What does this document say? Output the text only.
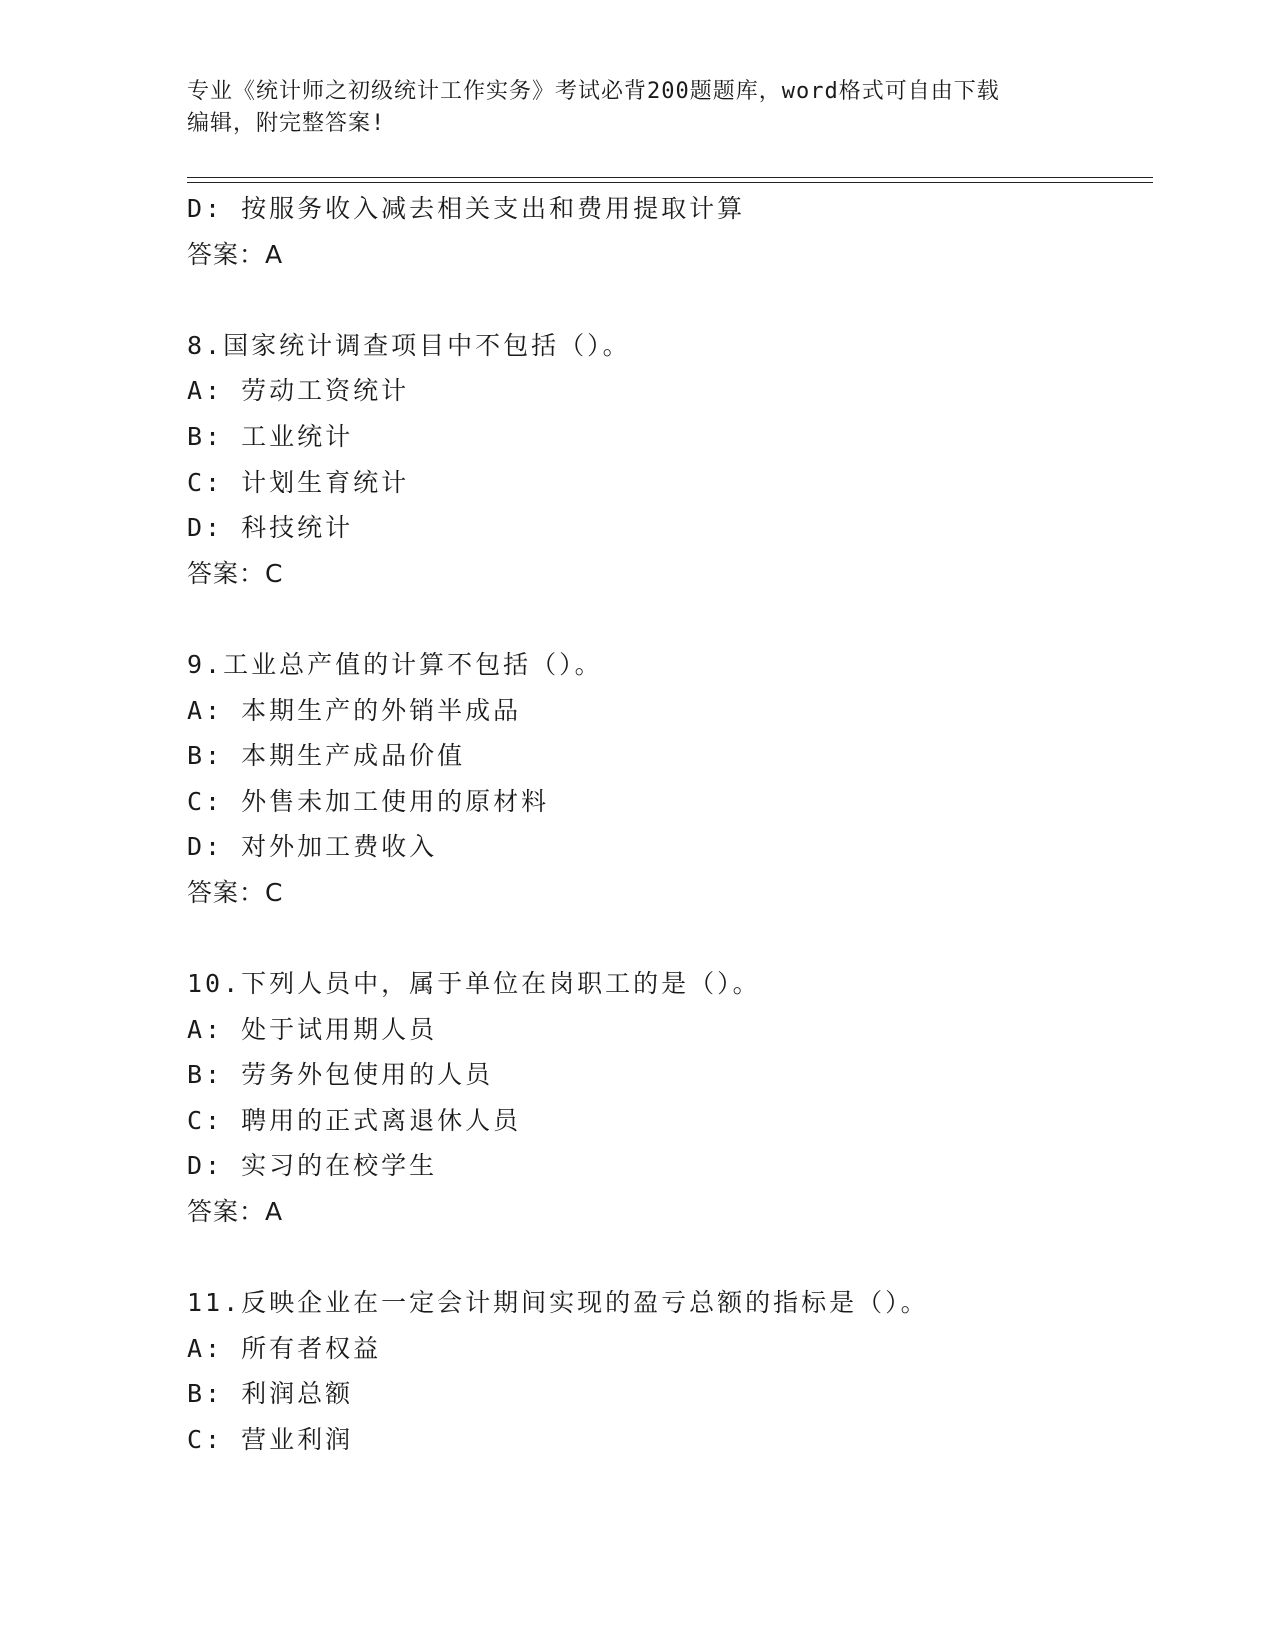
专业《统计师之初级统计工作实务》考试必背200题题库，word格式可自由下载
编辑，附完整答案!
D: 按服务收入减去相关支出和费用提取计算
答案：A
8.国家统计调查项目中不包括（）。
A: 劳动工资统计
B: 工业统计
C: 计划生育统计
D: 科技统计
答案：C
9.工业总产值的计算不包括（）。
A: 本期生产的外销半成品
B: 本期生产成品价值
C: 外售未加工使用的原材料
D: 对外加工费收入
答案：C
10.下列人员中，属于单位在岗职工的是（）。
A: 处于试用期人员
B: 劳务外包使用的人员
C: 聘用的正式离退休人员
D: 实习的在校学生
答案：A
11.反映企业在一定会计期间实现的盈亏总额的指标是（）。
A: 所有者权益
B: 利润总额
C: 营业利润
